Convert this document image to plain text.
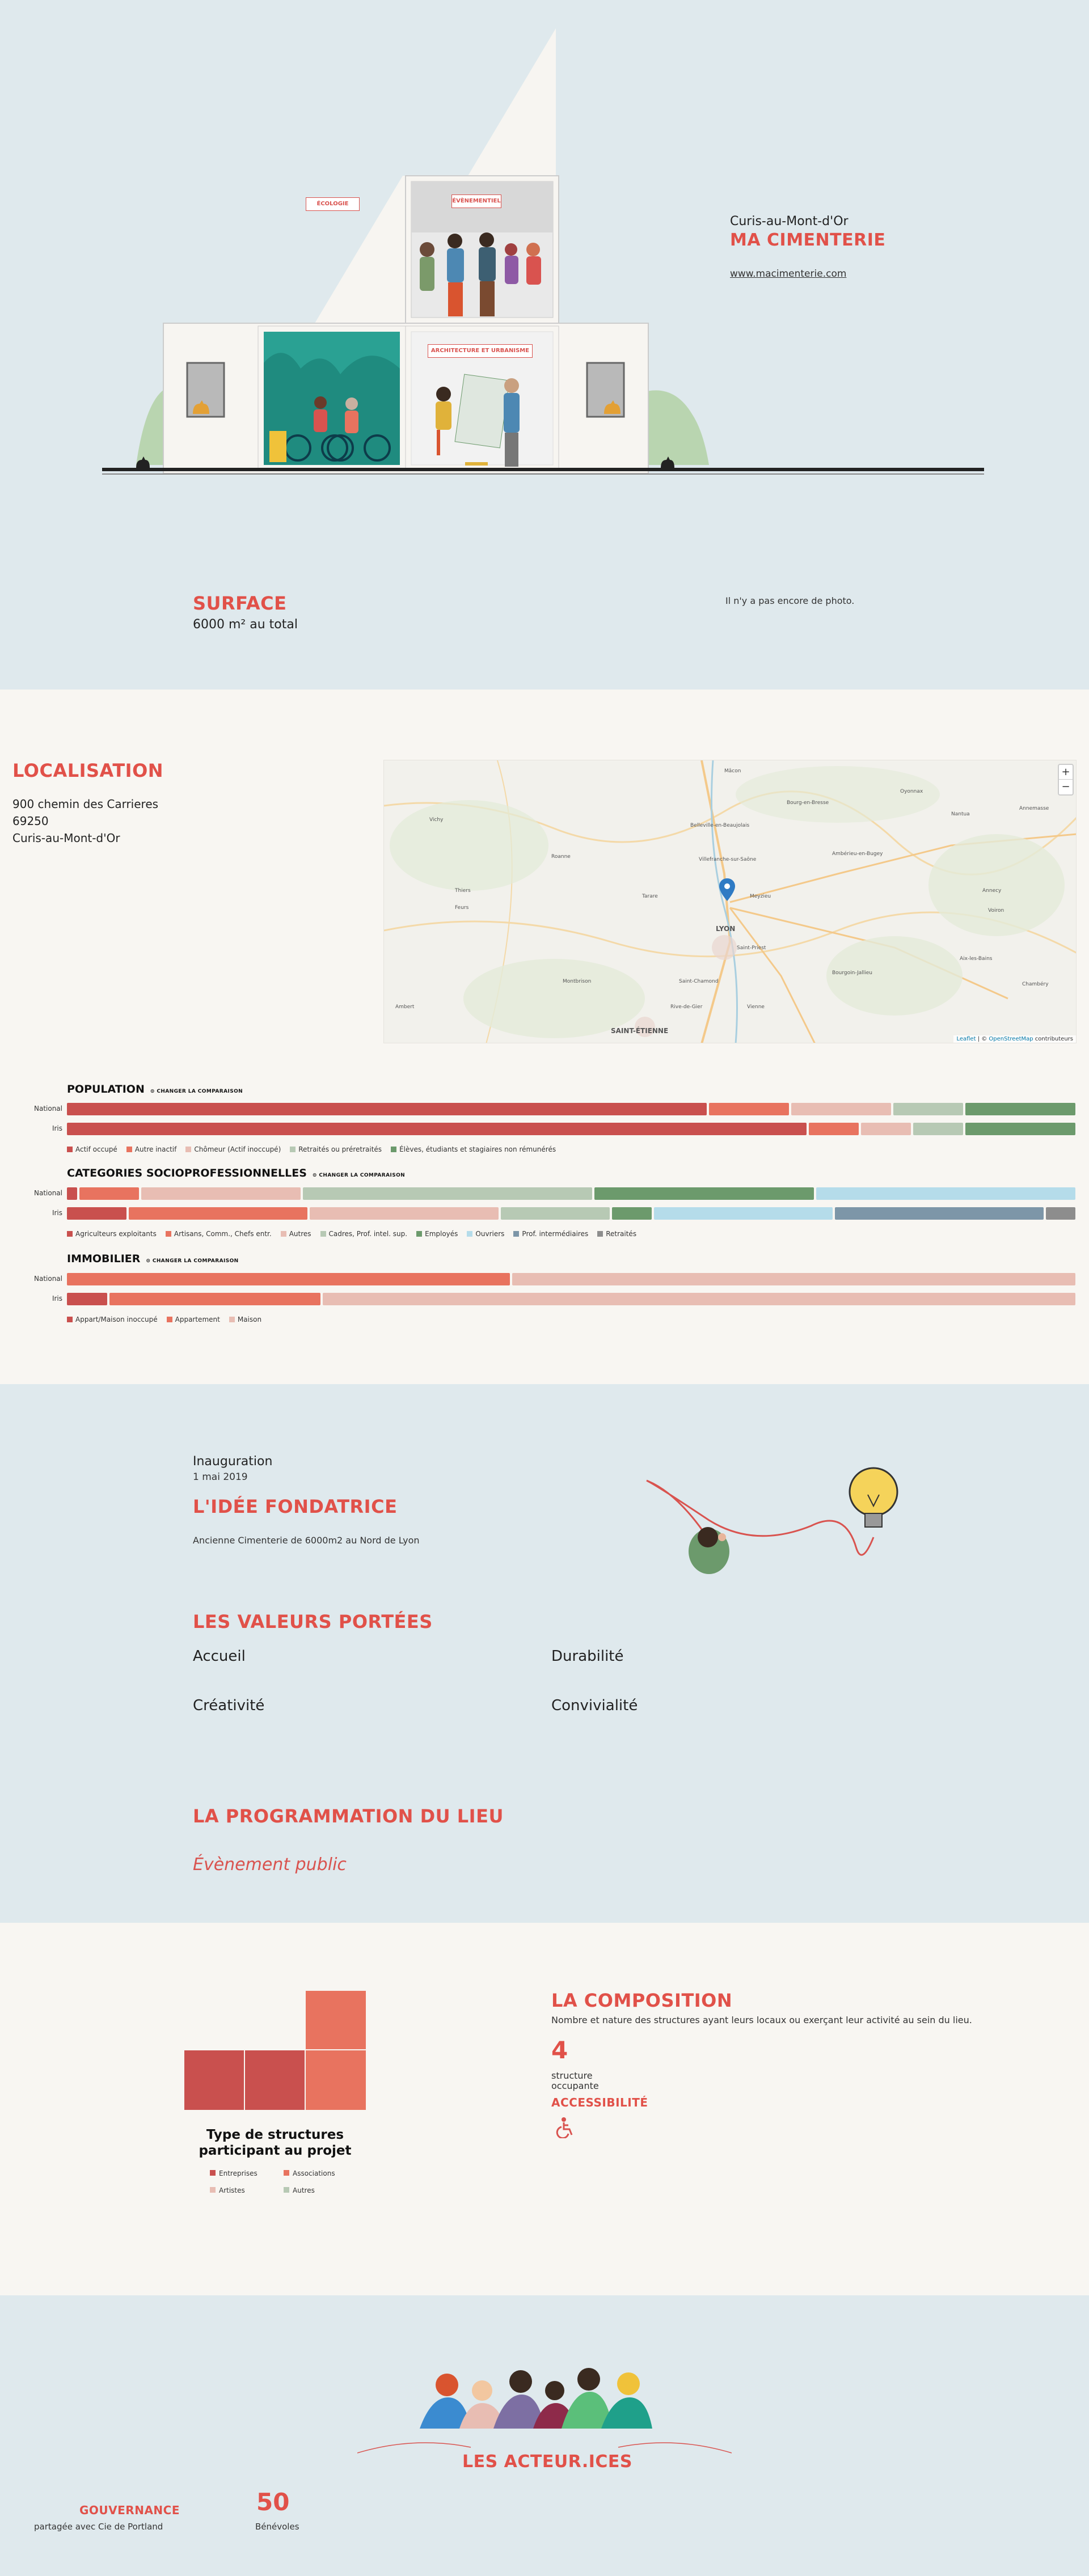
ÉCOLOGIE	ÉVÈNEMENTIEL
ARCHITECTURE ET URBANISME
Curis-au-Mont-d'Or
MA CIMENTERIE
www.macimenterie.com
SURFACE
6000 m² au total
Il n'y a pas encore de photo.
LOCALISATION
900 chemin des Carrieres
69250
Curis-au-Mont-d'Or
Mâcon
Bourg-en-Bresse
Oyonnax
Villefranche-sur-Saône
Belleville-en-Beaujolais
Ambérieu-en-Bugey
Nantua
LYON
Meyzieu
Saint-Priest
Vienne
Rive-de-Gier
Saint-Chamond
SAINT-ÉTIENNE
Tarare
Roanne
Feurs
Montbrison
Annecy
Aix-les-Bains
Chambéry
Voiron
Bourgoin-Jallieu
Annemasse
Vichy
Thiers
Ambert
+
−
Leaflet | © OpenStreetMap contributeurs
POPULATION ⊙ CHANGER LA COMPARAISON
National
Iris
Actif occupé	Autre inactif	Chômeur (Actif inoccupé)	Retraités ou préretraités	Élèves, étudiants et stagiaires non rémunérés
CATEGORIES SOCIOPROFESSIONNELLES ⊙ CHANGER LA COMPARAISON
National
Iris
Agriculteurs exploitants	Artisans, Comm., Chefs entr.	Autres	Cadres, Prof. intel. sup.	Employés	Ouvriers	Prof. intermédiaires	Retraités
IMMOBILIER ⊙ CHANGER LA COMPARAISON
National
Iris
Appart/Maison inoccupé	Appartement	Maison
Inauguration
1 mai 2019
L'IDÉE FONDATRICE
Ancienne Cimenterie de 6000m2 au Nord de Lyon
LES VALEURS PORTÉES
Accueil	Durabilité
Créativité	Convivialité
LA PROGRAMMATION DU LIEU
Évènement public
Type de structures
participant au projet
Entreprises	Associations
Artistes	Autres
LA COMPOSITION
Nombre et nature des structures ayant leurs locaux ou exerçant leur activité au sein du lieu.
4
structure
occupante
ACCESSIBILITÉ
LES ACTEUR.ICES
GOUVERNANCE
partagée avec Cie de Portland
50
Bénévoles
